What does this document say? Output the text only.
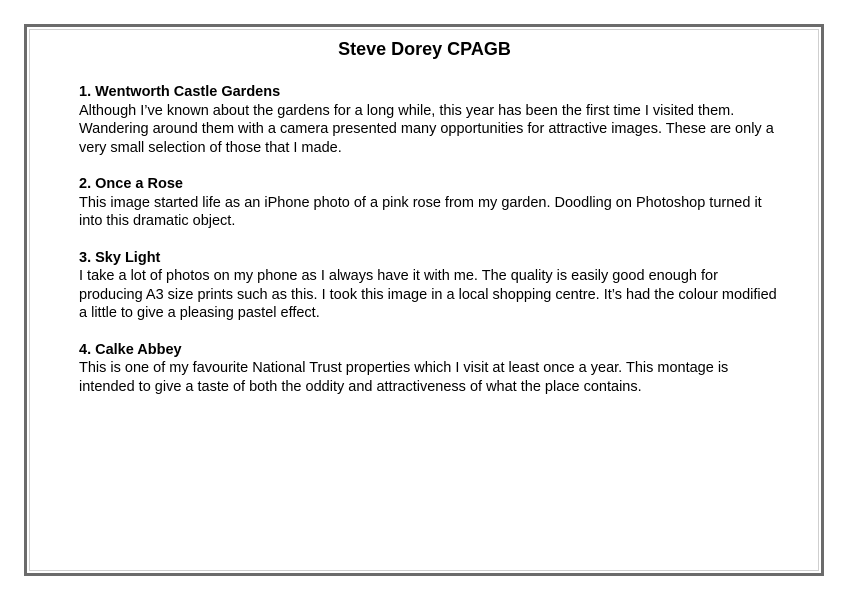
Steve Dorey CPAGB

1. Wentworth Castle Gardens

Although I’ve known about the gardens for a long while, this year has been the first time I visited them. Wandering around them with a camera presented many opportunities for attractive images. These are only a very small selection of those that I made.

2. Once a Rose

This image started life as an iPhone photo of a pink rose from my garden. Doodling on Photoshop turned it into this dramatic object.

3. Sky Light

I take a lot of photos on my phone as I always have it with me. The quality is easily good enough for producing A3 size prints such as this. I took this image in a local shopping centre. It’s had the colour modified a little to give a pleasing pastel effect.

4. Calke Abbey

This is one of my favourite National Trust properties which I visit at least once a year. This montage is intended to give a taste of both the oddity and attractiveness of what the place contains.
